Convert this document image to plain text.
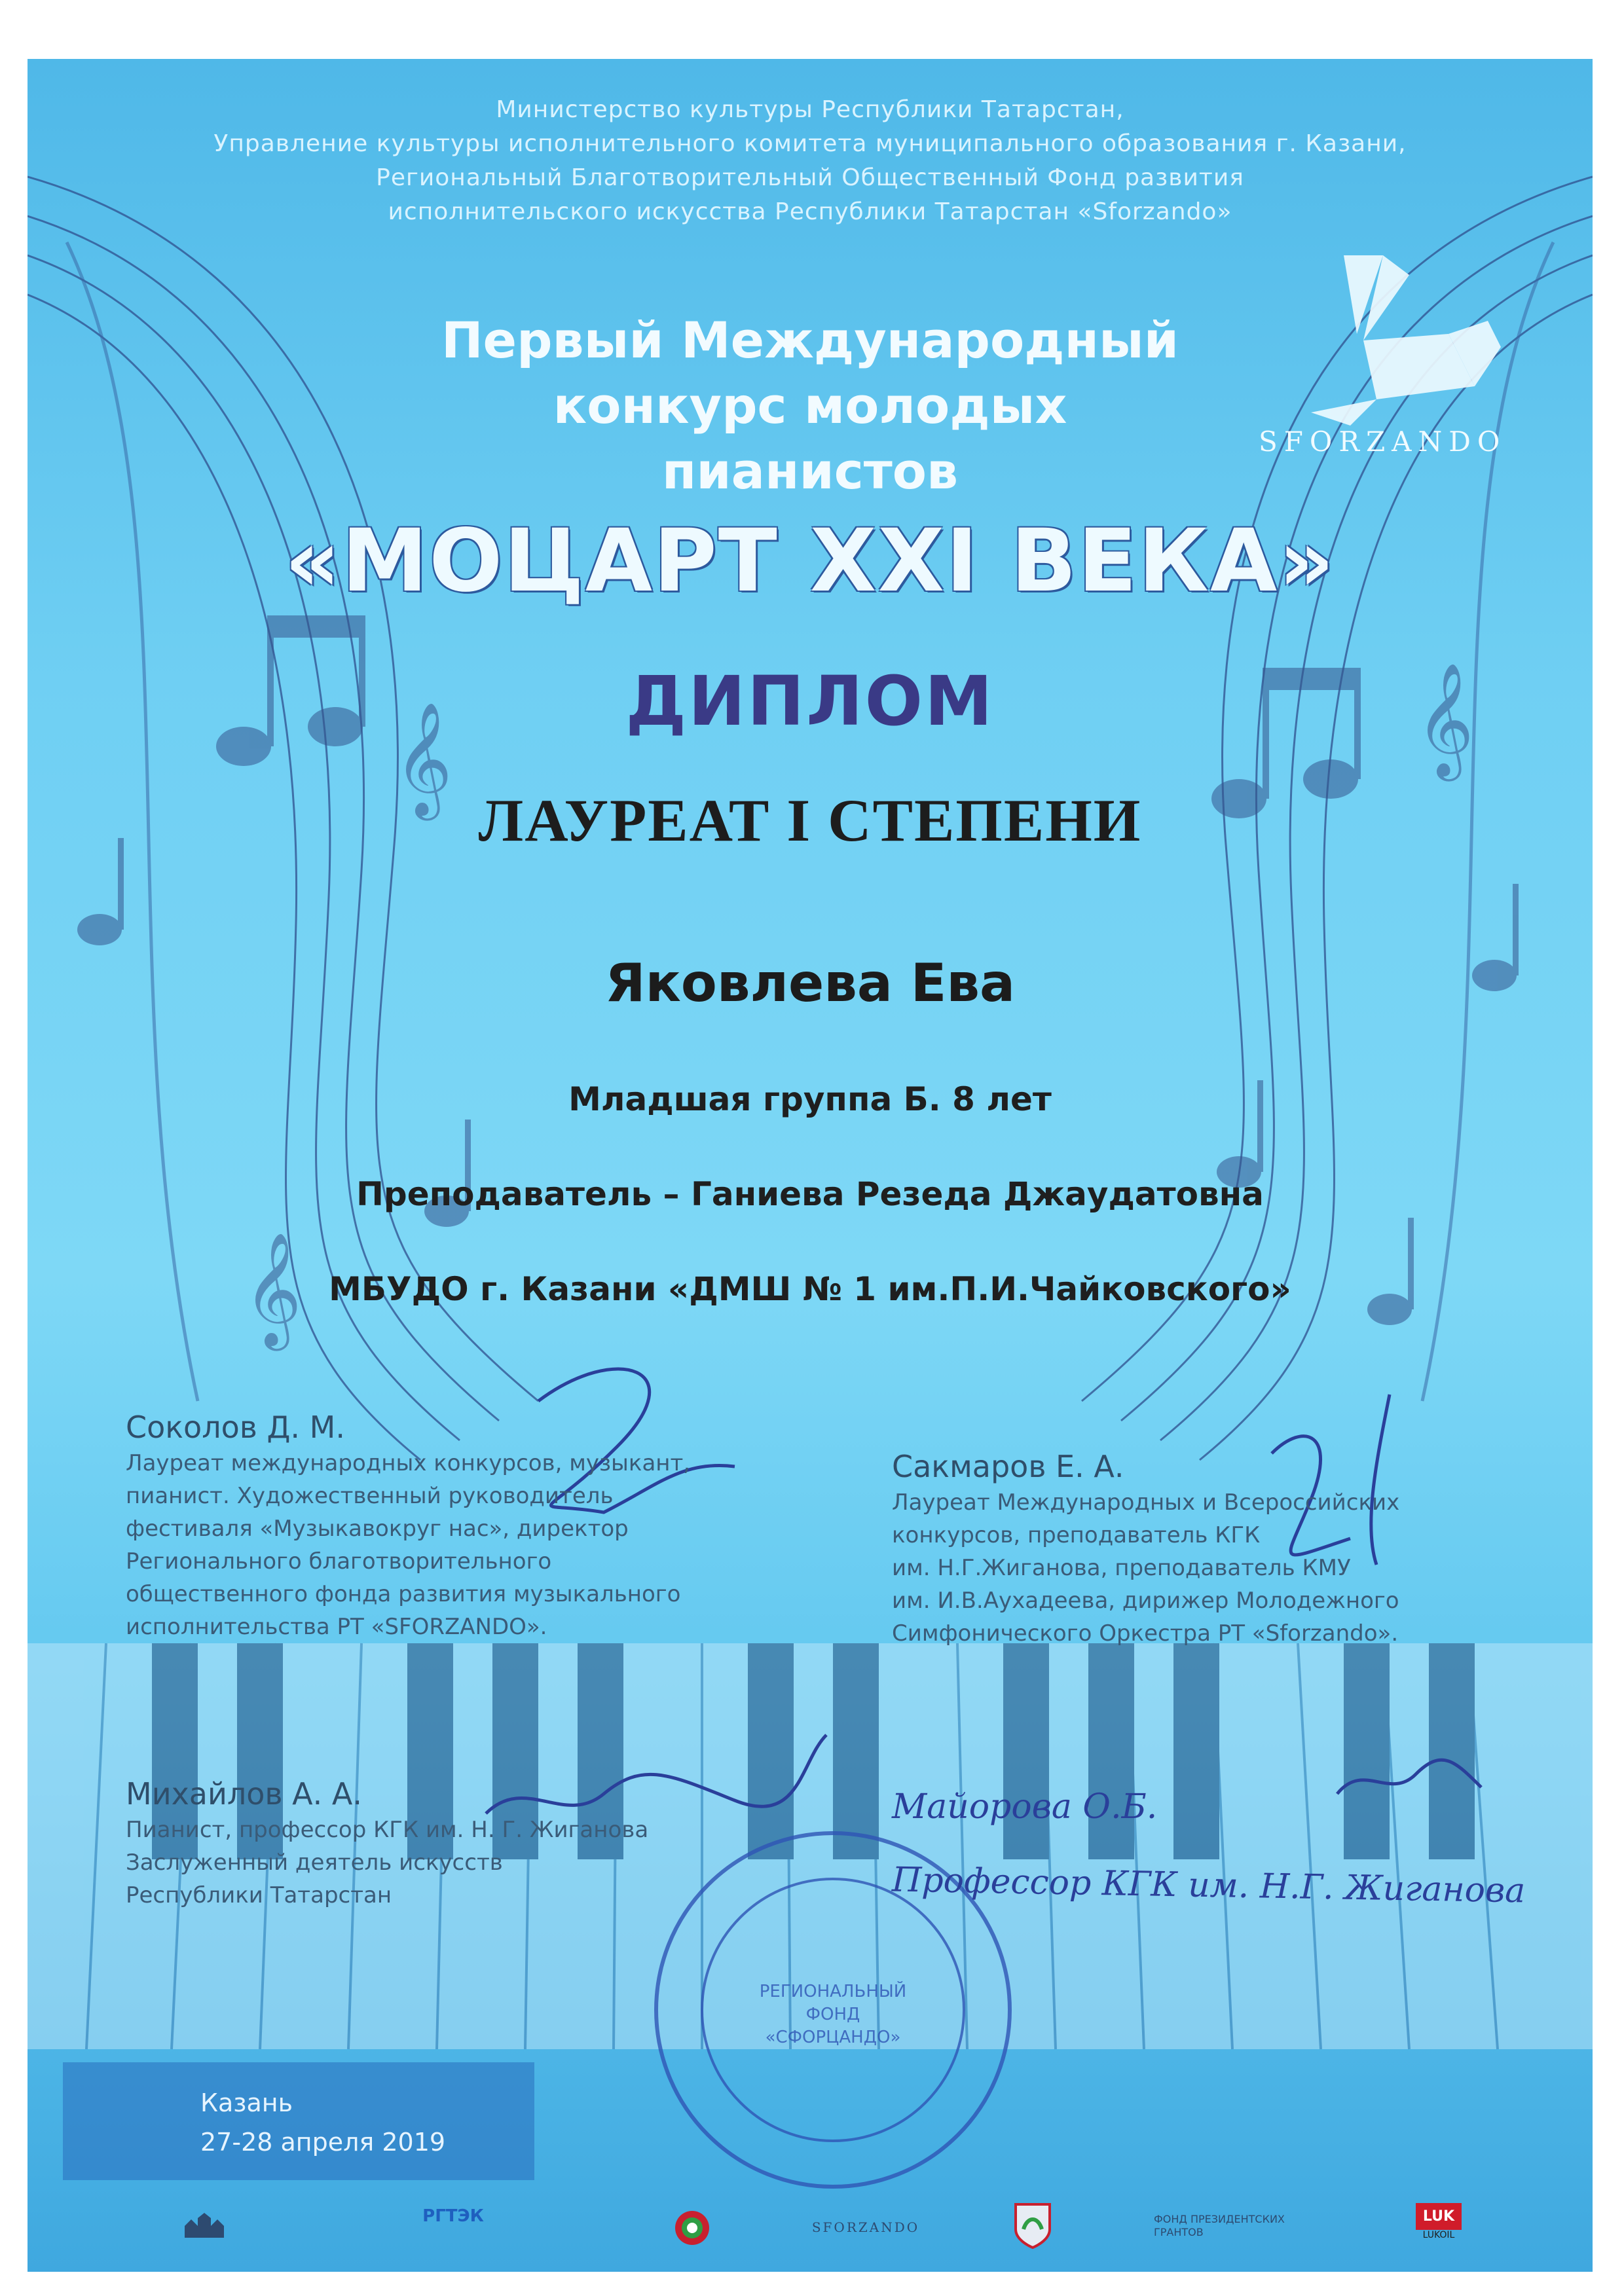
𝄞	𝄞
𝄞
РЕГИОНАЛЬНЫЙ
ФОНД
«СФОРЦАНДО»
Министерство культуры Республики Татарстан,
Управление культуры исполнительного комитета муниципального образования г. Казани,
Региональный Благотворительный Общественный Фонд развития
исполнительского искусства Республики Татарстан «Sforzando»
SFORZANDO
Первый Международный
конкурс молодых
пианистов
«МОЦАРТ XXI ВЕКА»
ДИПЛОМ
ЛАУРЕАТ I СТЕПЕНИ
Яковлева Ева
Младшая группа Б. 8 лет
Преподаватель – Ганиева Резеда Джаудатовна
МБУДО г. Казани «ДМШ № 1 им.П.И.Чайковского»
Соколов Д. М.
Лауреат международных конкурсов, музыкант,
пианист. Художественный руководитель
фестиваля «Музыкавокруг нас», директор
Регионального благотворительного
общественного фонда развития музыкального
исполнительства РТ «SFORZANDO».
Сакмаров Е. А.
Лауреат Международных и Всероссийских
конкурсов, преподаватель КГК
им. Н.Г.Жиганова, преподаватель КМУ
им. И.В.Аухадеева, дирижер Молодежного
Симфонического Оркестра РТ «Sforzando».
Михайлов А. А.
Пианист, профессор КГК им. Н. Г. Жиганова
Заслуженный деятель искусств
Республики Татарстан
Майорова О.Б.
Профессор КГК им. Н.Г. Жиганова
Казань
27-28 апреля 2019
РГТЭК
SFORZANDO
ФОНД ПРЕЗИДЕНТСКИХ ГРАНТОВ
LUK
LUKOIL
